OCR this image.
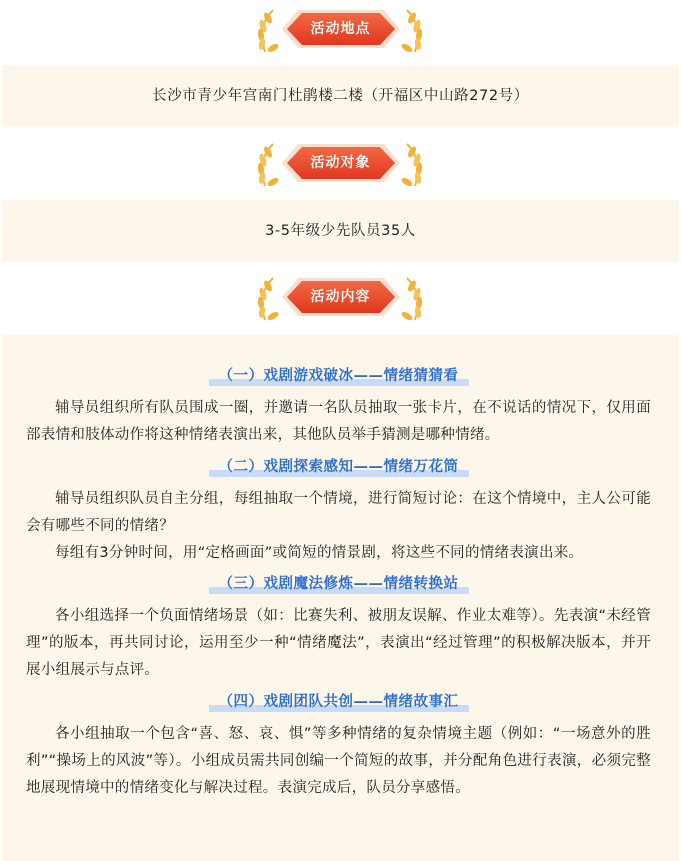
活动地点
长沙市青少年宫南门杜鹃楼二楼（开福区中山路272号）
活动对象
3-5年级少先队员35人
活动内容
（一）戏剧游戏破冰——情绪猜猜看

辅导员组织所有队员围成一圈，并邀请一名队员抽取一张卡片，在不说话的情况下，仅用面部表情和肢体动作将这种情绪表演出来，其他队员举手猜测是哪种情绪。

（二）戏剧探索感知——情绪万花筒

辅导员组织队员自主分组，每组抽取一个情境，进行简短讨论：在这个情境中，主人公可能会有哪些不同的情绪？

每组有3分钟时间，用“定格画面”或简短的情景剧，将这些不同的情绪表演出来。

（三）戏剧魔法修炼——情绪转换站

各小组选择一个负面情绪场景（如：比赛失利、被朋友误解、作业太难等）。先表演“未经管理”的版本，再共同讨论，运用至少一种“情绪魔法”，表演出“经过管理”的积极解决版本，并开展小组展示与点评。

（四）戏剧团队共创——情绪故事汇

各小组抽取一个包含“喜、怒、哀、惧”等多种情绪的复杂情境主题（例如：“一场意外的胜利”“操场上的风波”等）。小组成员需共同创编一个简短的故事，并分配角色进行表演，必须完整地展现情境中的情绪变化与解决过程。表演完成后，队员分享感悟。
